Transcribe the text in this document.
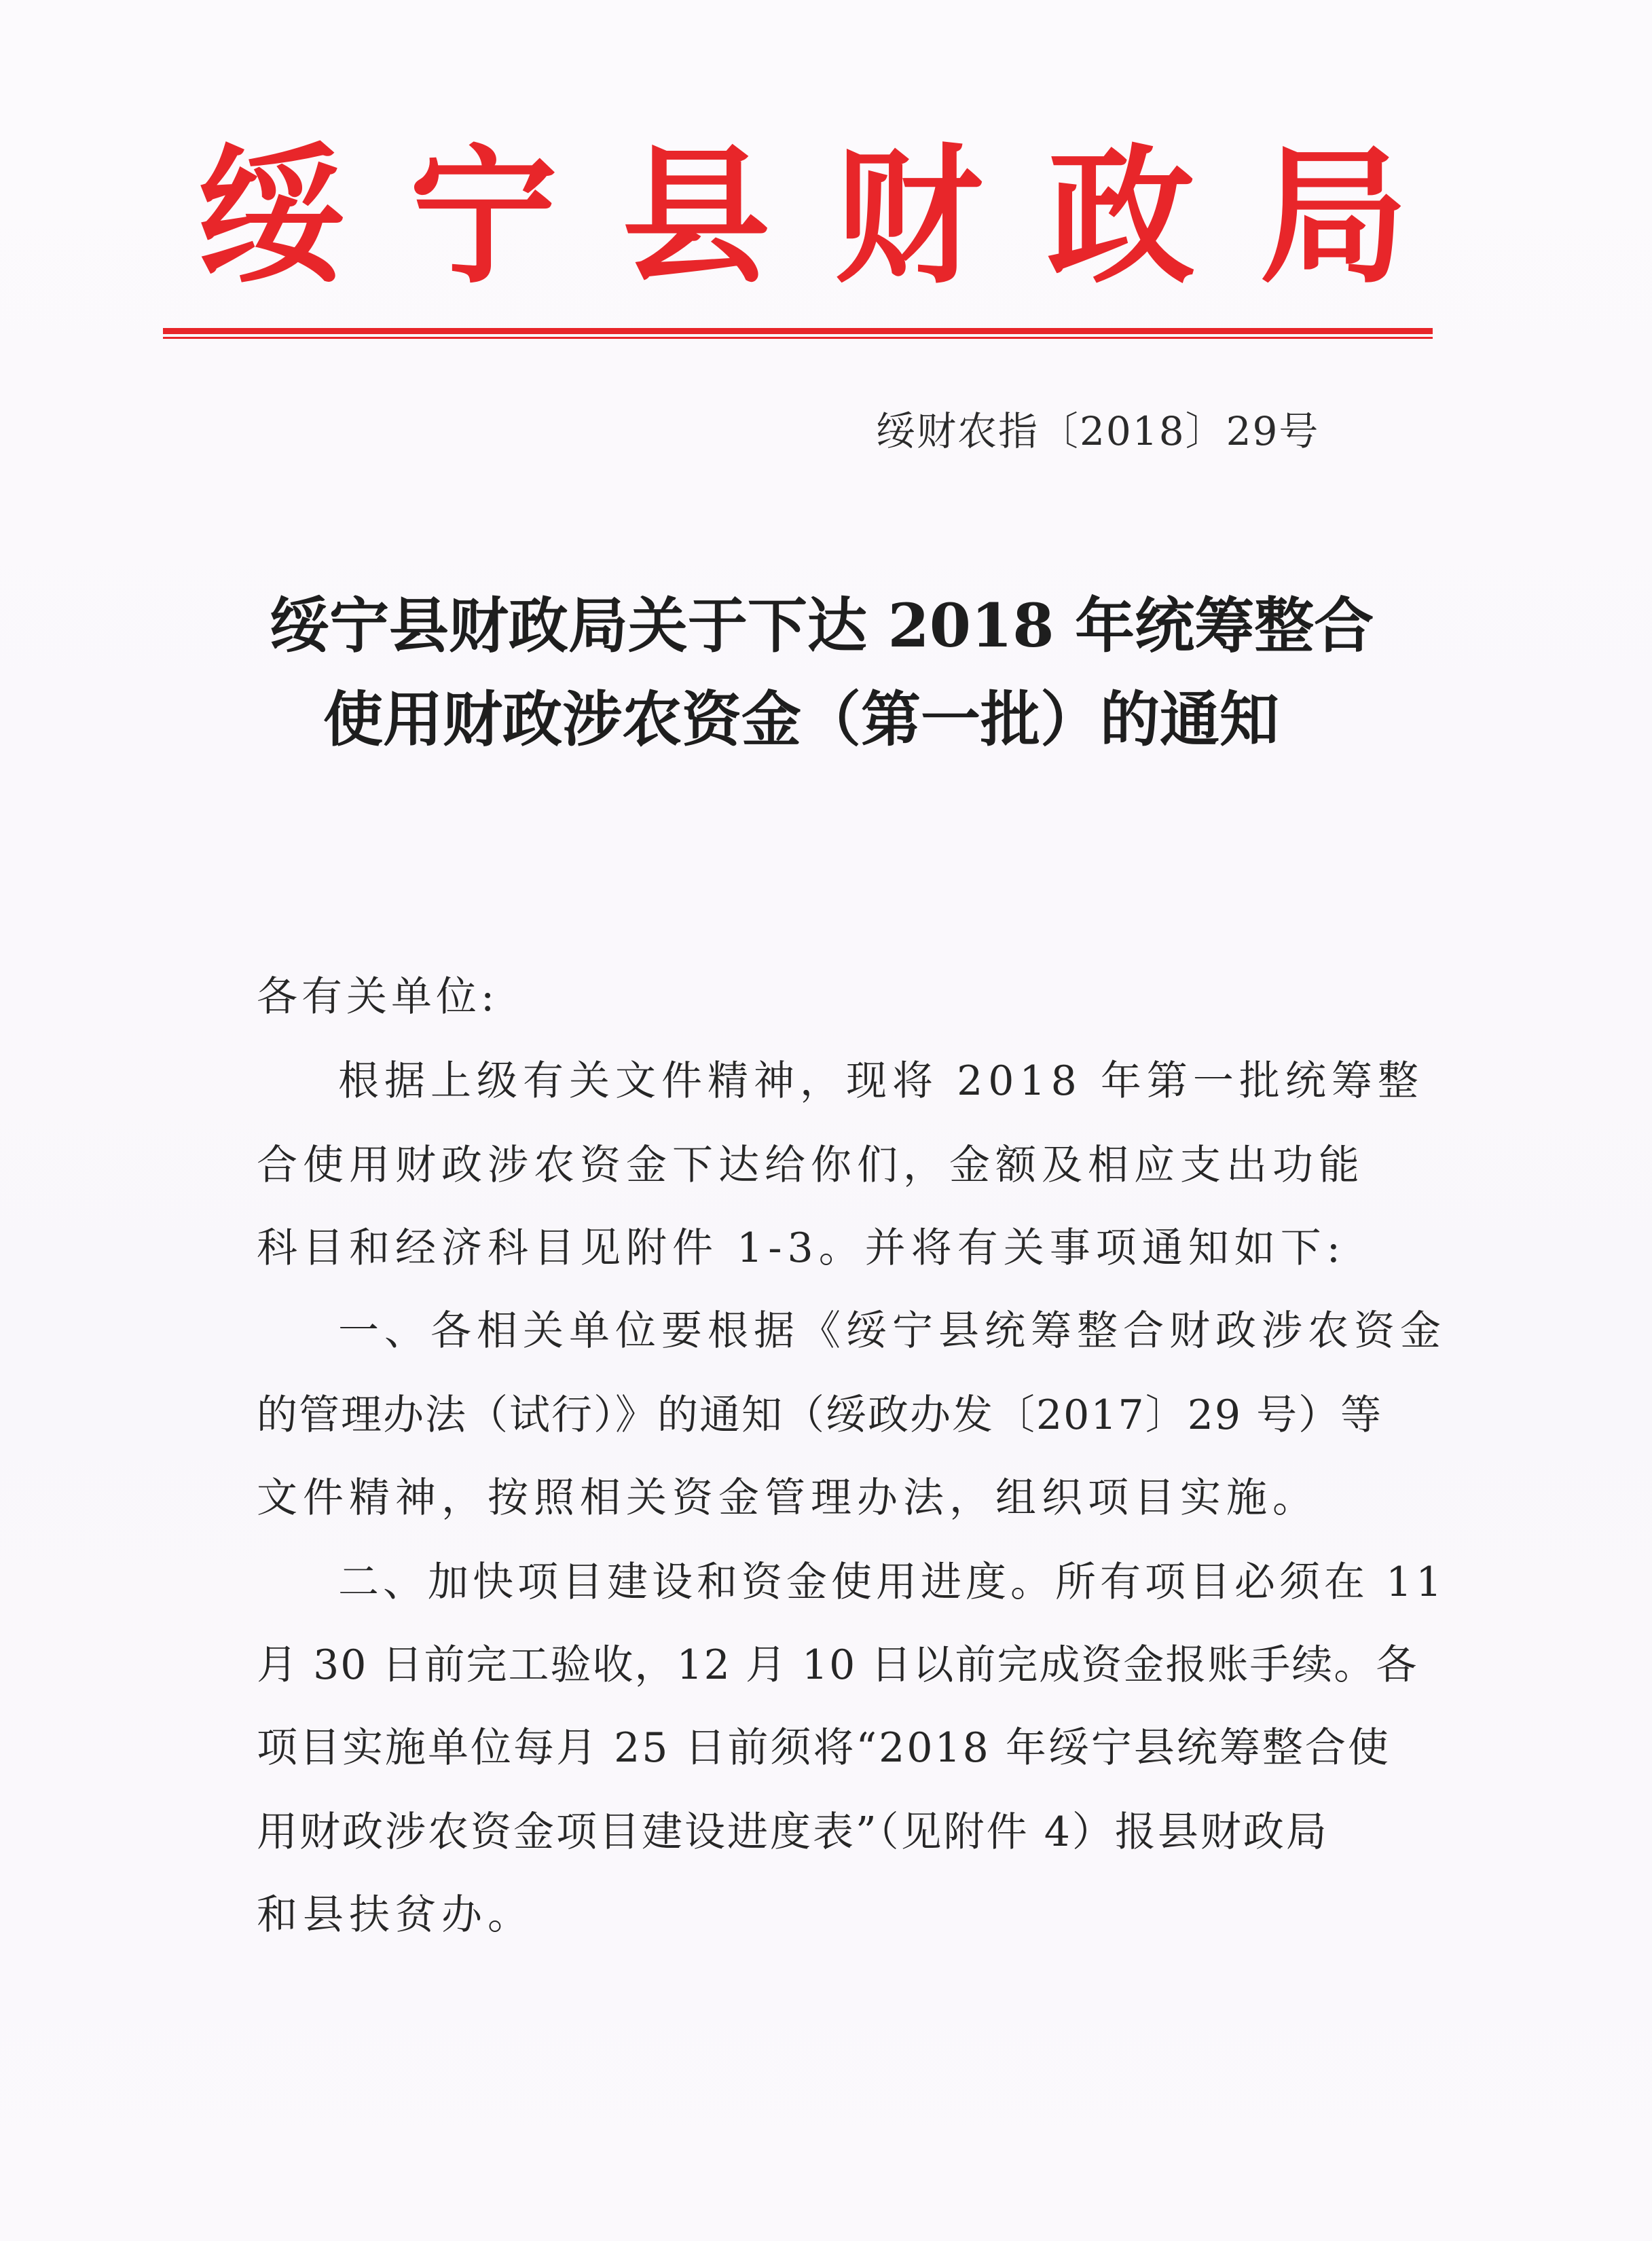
绥宁县财政局
绥财农指〔2018〕29号
绥宁县财政局关于下达 2018 年统筹整合
使用财政涉农资金（第一批）的通知
各有关单位:
根据上级有关文件精神，现将 2018 年第一批统筹整
合使用财政涉农资金下达给你们，金额及相应支出功能
科目和经济科目见附件 1-3。并将有关事项通知如下:
一、各相关单位要根据《绥宁县统筹整合财政涉农资金
的管理办法（试行）》的通知（绥政办发〔2017〕29 号）等
文件精神，按照相关资金管理办法，组织项目实施。
二、加快项目建设和资金使用进度。所有项目必须在 11
月 30 日前完工验收，12 月 10 日以前完成资金报账手续。各
项目实施单位每月 25 日前须将“2018 年绥宁县统筹整合使
用财政涉农资金项目建设进度表”（见附件 4）报县财政局
和县扶贫办。
